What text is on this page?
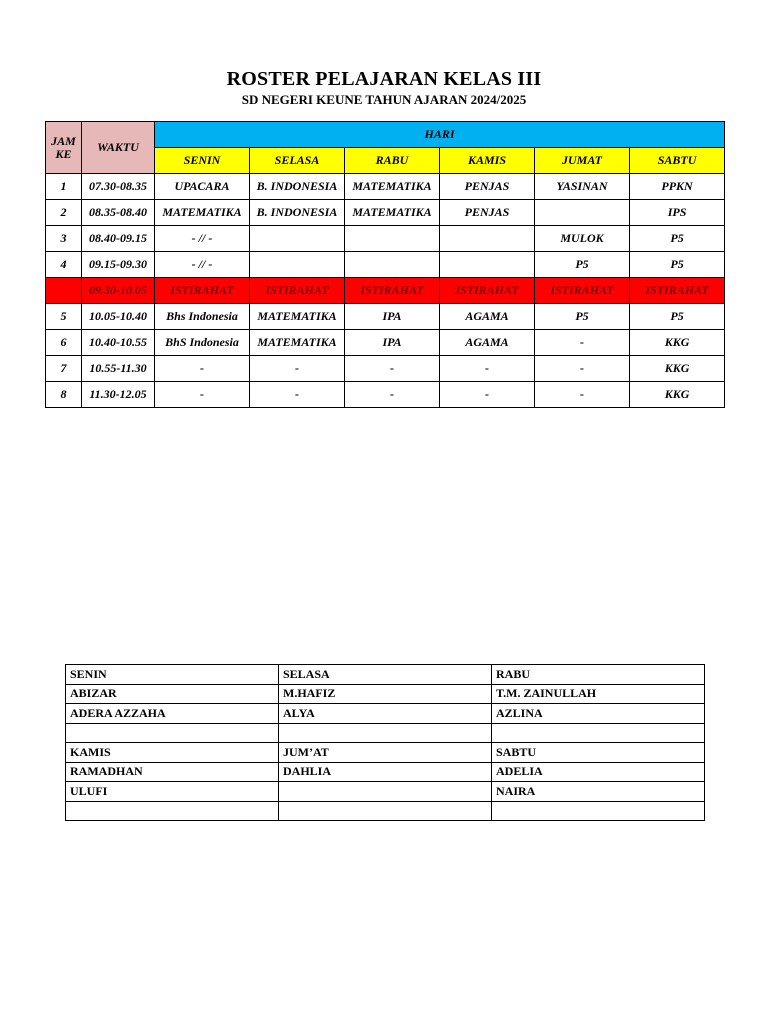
ROSTER PELAJARAN KELAS III
SD NEGERI KEUNE TAHUN AJARAN 2024/2025
JAM KE	WAKTU	HARI					
		SENIN	SELASA	RABU	KAMIS	JUMAT	SABTU
1	07.30-08.35	UPACARA	B. INDONESIA	MATEMATIKA	PENJAS	YASINAN	PPKN
2	08.35-08.40	MATEMATIKA	B. INDONESIA	MATEMATIKA	PENJAS		IPS
3	08.40-09.15	- // -				MULOK	P5
4	09.15-09.30	- // -				P5	P5
	09.30-10.05	ISTIRAHAT	ISTIRAHAT	ISTIRAHAT	ISTIRAHAT	ISTIRAHAT	ISTIRAHAT
5	10.05-10.40	Bhs Indonesia	MATEMATIKA	IPA	AGAMA	P5	P5
6	10.40-10.55	BhS Indonesia	MATEMATIKA	IPA	AGAMA	-	KKG
7	10.55-11.30	-	-	-	-	-	KKG
8	11.30-12.05	-	-	-	-	-	KKG
SENIN	SELASA	RABU
ABIZAR	M.HAFIZ	T.M. ZAINULLAH
ADERA AZZAHA	ALYA	AZLINA

KAMIS	JUM’AT	SABTU
RAMADHAN	DAHLIA	ADELIA
ULUFI		NAIRA
